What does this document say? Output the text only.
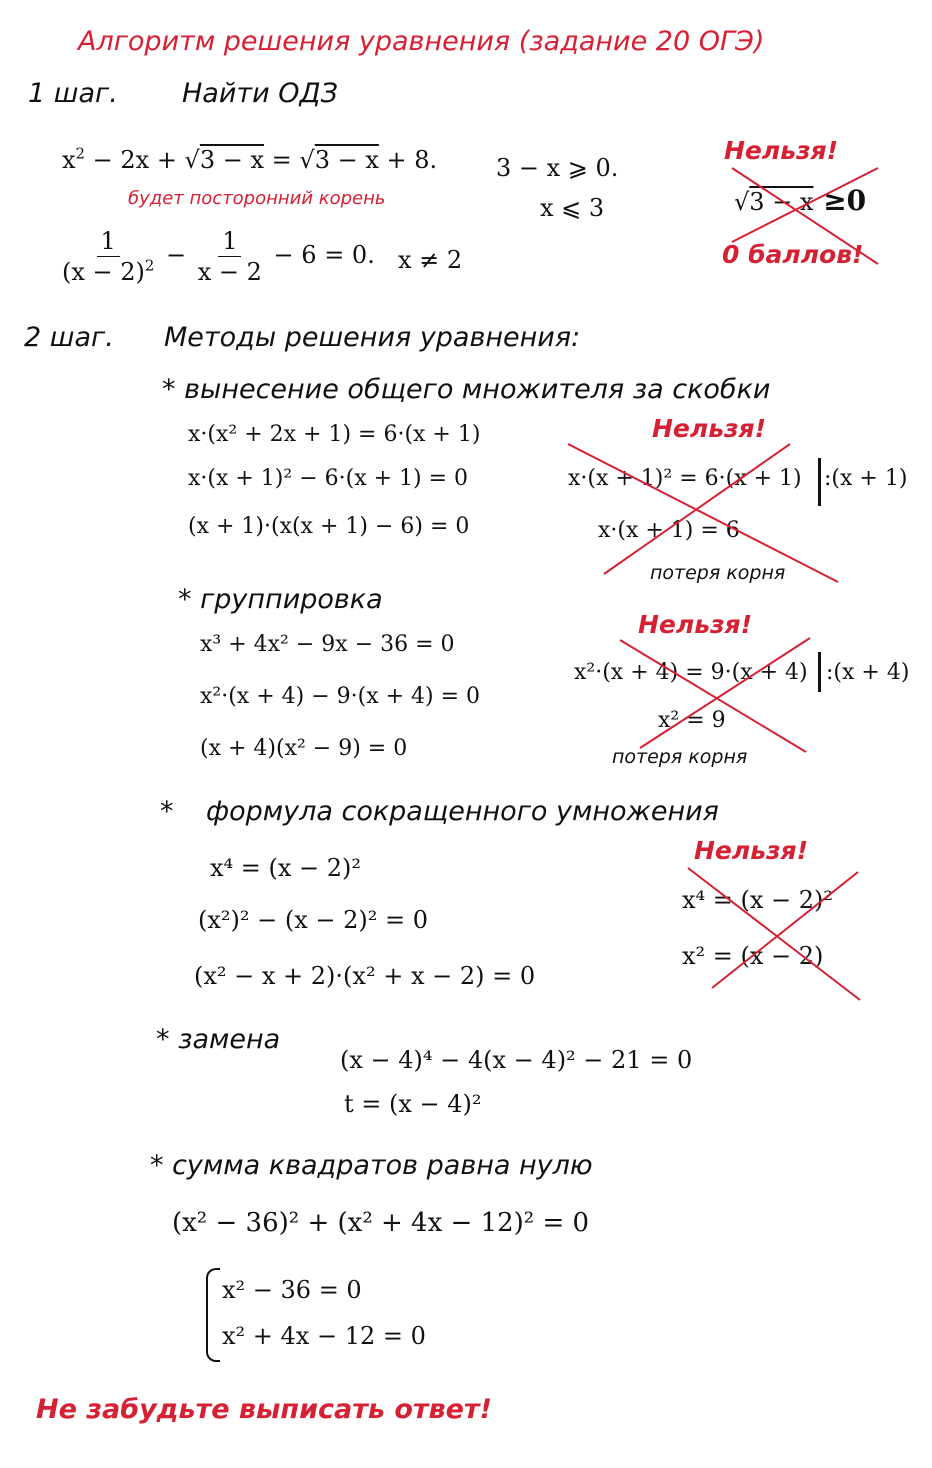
Алгоритм решения уравнения (задание 20 ОГЭ)
1 шаг. Найти ОДЗ
$x^2 - 2x + √3 - x = √3 - x + 8$.
будет посторонний корень
3 − x ⩾ 0.
x ⩽ 3
$\frac{1}{(x - 2)^2} - \frac{1}{x - 2} - 6 = 0$. x ≠ 2
Нельзя!
√3 − x ≥0
0 баллов!
2 шаг. Методы решения уравнения:
* вынесение общего множителя за скобки
x·(x² + 2x + 1) = 6·(x + 1)
x·(x + 1)² − 6·(x + 1) = 0
(x + 1)·(x(x + 1) − 6) = 0
Нельзя!
x·(x + 1)² = 6·(x + 1) :(x + 1)
x·(x + 1) = 6
потеря корня
* группировка
x³ + 4x² − 9x − 36 = 0
x²·(x + 4) − 9·(x + 4) = 0
(x + 4)(x² − 9) = 0
Нельзя!
x²·(x + 4) = 9·(x + 4) :(x + 4)
x² = 9
потеря корня
* формула сокращенного умножения
x⁴ = (x − 2)²
(x²)² − (x − 2)² = 0
(x² − x + 2)·(x² + x − 2) = 0
Нельзя!
x⁴ = (x − 2)²
x² = (x − 2)
* замена
(x − 4)⁴ − 4(x − 4)² − 21 = 0
t = (x − 4)²
* сумма квадратов равна нулю
(x² − 36)² + (x² + 4x − 12)² = 0
x² − 36 = 0
x² + 4x − 12 = 0
Не забудьте выписать ответ!
